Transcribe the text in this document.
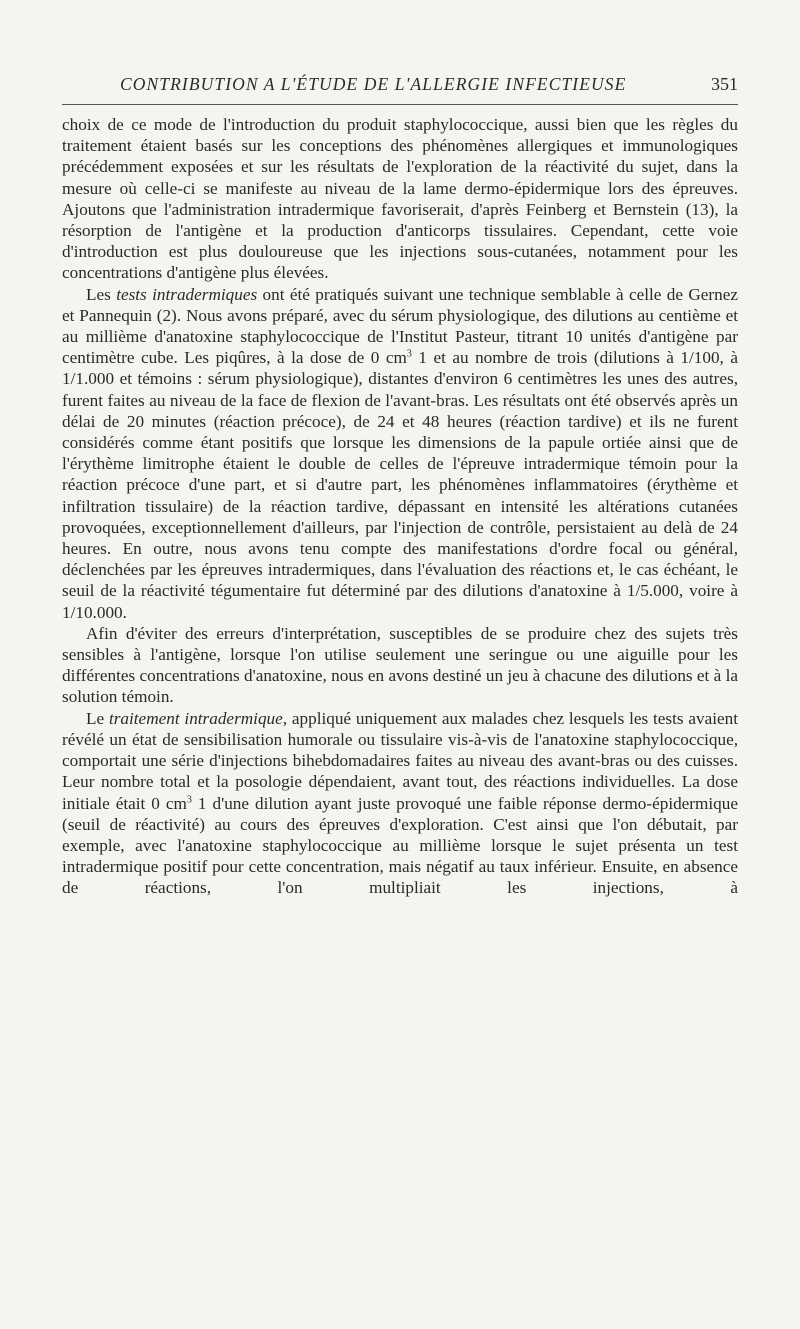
CONTRIBUTION A L'ÉTUDE DE L'ALLERGIE INFECTIEUSE	351

choix de ce mode de l'introduction du produit staphylococcique, aussi bien que les règles du traitement étaient basés sur les conceptions des phénomènes allergiques et immunologiques précédemment exposées et sur les résultats de l'exploration de la réactivité du sujet, dans la mesure où celle-ci se manifeste au niveau de la lame dermo-épidermique lors des épreuves. Ajoutons que l'administration intradermique favoriserait, d'après Feinberg et Bernstein (13), la résorption de l'antigène et la production d'anticorps tissulaires. Cependant, cette voie d'introduction est plus douloureuse que les injections sous-cutanées, notamment pour les concentrations d'antigène plus élevées.

Les tests intradermiques ont été pratiqués suivant une technique semblable à celle de Gernez et Pannequin (2). Nous avons préparé, avec du sérum physiologique, des dilutions au centième et au millième d'anatoxine staphylococcique de l'Institut Pasteur, titrant 10 unités d'antigène par centimètre cube. Les piqûres, à la dose de 0 $cm^3$ 1 et au nombre de trois (dilutions à 1/100, à 1/1.000 et témoins : sérum physiologique), distantes d'environ 6 centimètres les unes des autres, furent faites au niveau de la face de flexion de l'avant-bras. Les résultats ont été observés après un délai de 20 minutes (réaction précoce), de 24 et 48 heures (réaction tardive) et ils ne furent considérés comme étant positifs que lorsque les dimensions de la papule ortiée ainsi que de l'érythème limitrophe étaient le double de celles de l'épreuve intradermique témoin pour la réaction précoce d'une part, et si d'autre part, les phénomènes inflammatoires (érythème et infiltration tissulaire) de la réaction tardive, dépassant en intensité les altérations cutanées provoquées, exceptionnellement d'ailleurs, par l'injection de contrôle, persistaient au delà de 24 heures. En outre, nous avons tenu compte des manifestations d'ordre focal ou général, déclenchées par les épreuves intradermiques, dans l'évaluation des réactions et, le cas échéant, le seuil de la réactivité tégumentaire fut déterminé par des dilutions d'anatoxine à 1/5.000, voire à 1/10.000.

Afin d'éviter des erreurs d'interprétation, susceptibles de se produire chez des sujets très sensibles à l'antigène, lorsque l'on utilise seulement une seringue ou une aiguille pour les différentes concentrations d'anatoxine, nous en avons destiné un jeu à chacune des dilutions et à la solution témoin.

Le traitement intradermique, appliqué uniquement aux malades chez lesquels les tests avaient révélé un état de sensibilisation humorale ou tissulaire vis-à-vis de l'anatoxine staphylococcique, comportait une série d'injections bihebdomadaires faites au niveau des avant-bras ou des cuisses. Leur nombre total et la posologie dépendaient, avant tout, des réactions individuelles. La dose initiale était 0 $cm^3$ 1 d'une dilution ayant juste provoqué une faible réponse dermo-épidermique (seuil de réactivité) au cours des épreuves d'exploration. C'est ainsi que l'on débutait, par exemple, avec l'anatoxine staphylococcique au millième lorsque le sujet présenta un test intradermique positif pour cette concentration, mais négatif au taux inférieur. Ensuite, en absence de réactions, l'on multipliait les injections, à
